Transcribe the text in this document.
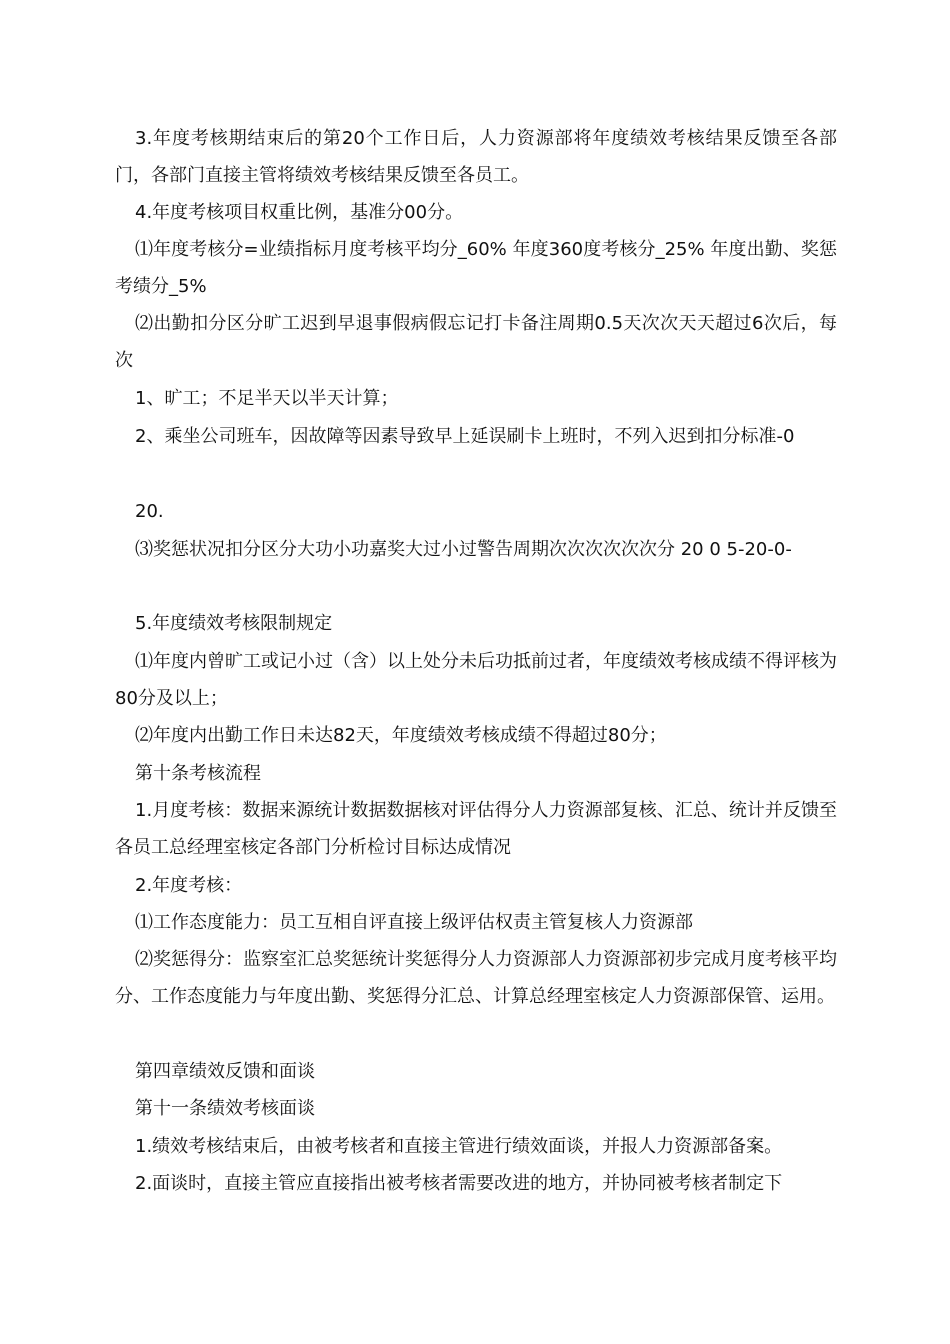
3.年度考核期结束后的第20个工作日后，人力资源部将年度绩效考核结果反馈至各部门，各部门直接主管将绩效考核结果反馈至各员工。

4.年度考核项目权重比例，基准分00分。

⑴年度考核分=业绩指标月度考核平均分_60% 年度360度考核分_25% 年度出勤、奖惩考绩分_5%

⑵出勤扣分区分旷工迟到早退事假病假忘记打卡备注周期0.5天次次天天超过6次后，每次

1、旷工；不足半天以半天计算；

2、乘坐公司班车，因故障等因素导致早上延误刷卡上班时，不列入迟到扣分标准-0

20.

⑶奖惩状况扣分区分大功小功嘉奖大过小过警告周期次次次次次次分 20 0 5-20-0-

5.年度绩效考核限制规定

⑴年度内曾旷工或记小过（含）以上处分未后功抵前过者，年度绩效考核成绩不得评核为80分及以上；

⑵年度内出勤工作日未达82天，年度绩效考核成绩不得超过80分；

第十条考核流程

1.月度考核：数据来源统计数据数据核对评估得分人力资源部复核、汇总、统计并反馈至各员工总经理室核定各部门分析检讨目标达成情况

2.年度考核：

⑴工作态度能力：员工互相自评直接上级评估权责主管复核人力资源部

⑵奖惩得分：监察室汇总奖惩统计奖惩得分人力资源部人力资源部初步完成月度考核平均分、工作态度能力与年度出勤、奖惩得分汇总、计算总经理室核定人力资源部保管、运用。

第四章绩效反馈和面谈

第十一条绩效考核面谈

1.绩效考核结束后，由被考核者和直接主管进行绩效面谈，并报人力资源部备案。

2.面谈时，直接主管应直接指出被考核者需要改进的地方，并协同被考核者制定下
